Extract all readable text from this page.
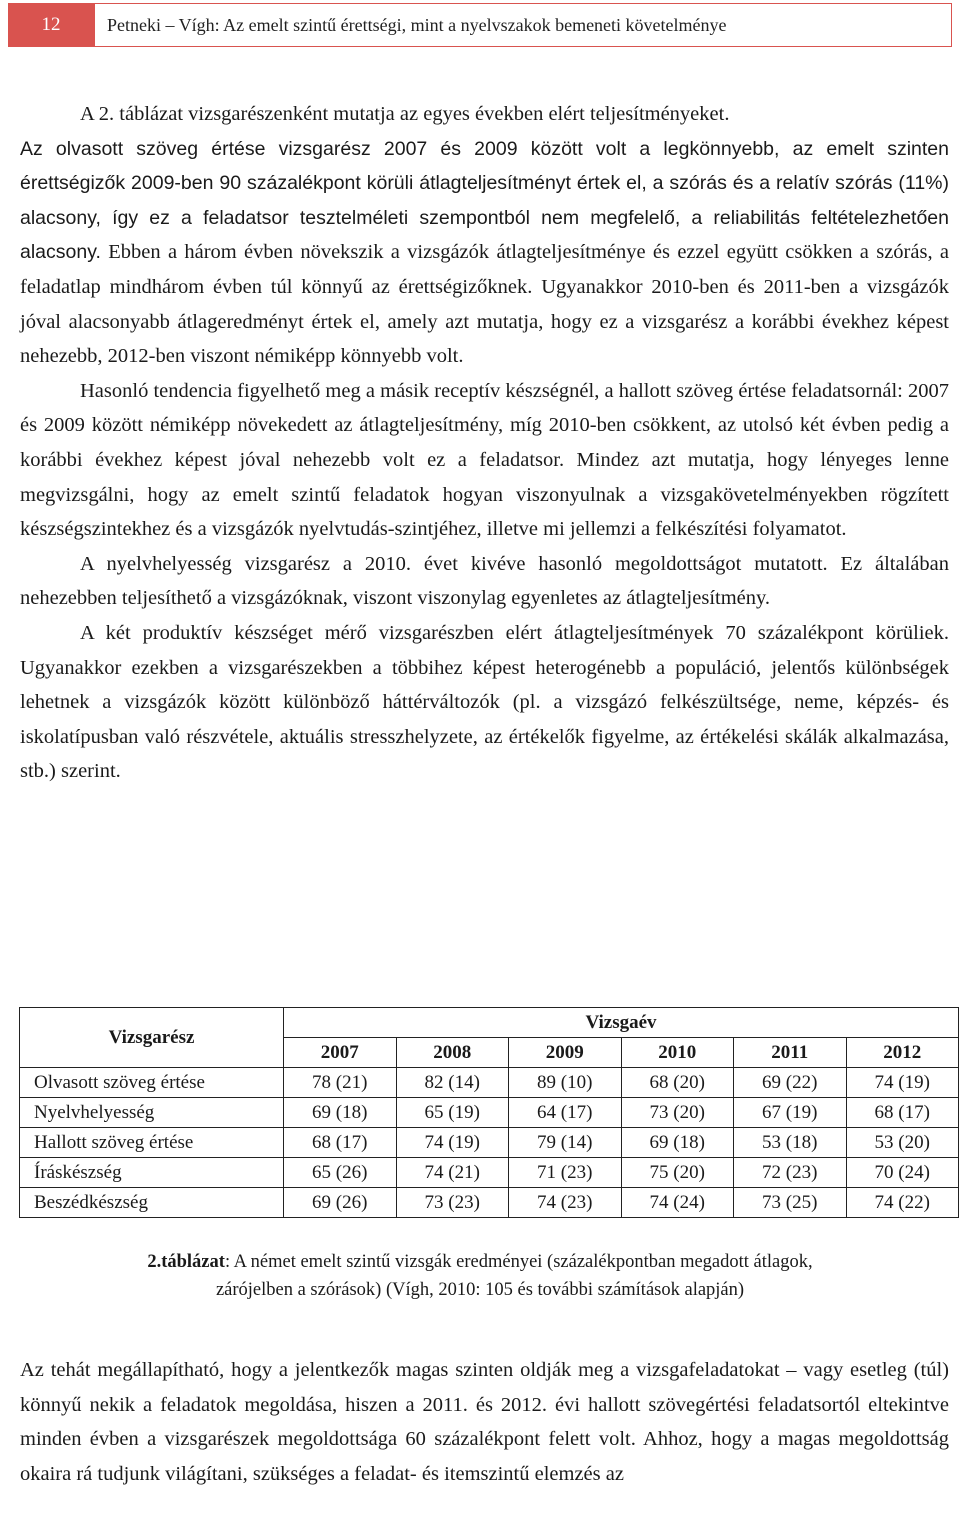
12	Petneki – Vígh: Az emelt szintű érettségi, mint a nyelvszakok bemeneti követelménye

A 2. táblázat vizsgarészenként mutatja az egyes években elért teljesítményeket.

Az olvasott szöveg értése vizsgarész 2007 és 2009 között volt a legkönnyebb, az emelt szinten érettségizők 2009-ben 90 százalékpont körüli átlagteljesítményt értek el, a szórás és a relatív szórás (11%) alacsony, így ez a feladatsor tesztelméleti szempontból nem megfelelő, a reliabilitás feltételezhetően alacsony. Ebben a három évben növekszik a vizsgázók átlagteljesítménye és ezzel együtt csökken a szórás, a feladatlap mindhárom évben túl könnyű az érettségizőknek. Ugyanakkor 2010-ben és 2011-ben a vizsgázók jóval alacsonyabb átlageredményt értek el, amely azt mutatja, hogy ez a vizsgarész a korábbi évekhez képest nehezebb, 2012-ben viszont némiképp könnyebb volt.

Hasonló tendencia figyelhető meg a másik receptív készségnél, a hallott szöveg értése feladatsornál: 2007 és 2009 között némiképp növekedett az átlagteljesítmény, míg 2010-ben csökkent, az utolsó két évben pedig a korábbi évekhez képest jóval nehezebb volt ez a feladatsor. Mindez azt mutatja, hogy lényeges lenne megvizsgálni, hogy az emelt szintű feladatok hogyan viszonyulnak a vizsgakövetelményekben rögzített készségszintekhez és a vizsgázók nyelvtudás-szintjéhez, illetve mi jellemzi a felkészítési folyamatot.

A nyelvhelyesség vizsgarész a 2010. évet kivéve hasonló megoldottságot mutatott. Ez általában nehezebben teljesíthető a vizsgázóknak, viszont viszonylag egyenletes az átlagteljesítmény.

A két produktív készséget mérő vizsgarészben elért átlagteljesítmények 70 százalékpont körüliek. Ugyanakkor ezekben a vizsgarészekben a többihez képest heterogénebb a populáció, jelentős különbségek lehetnek a vizsgázók között különböző háttérváltozók (pl. a vizsgázó felkészültsége, neme, képzés- és iskolatípusban való részvétele, aktuális stresszhelyzete, az értékelők figyelme, az értékelési skálák alkalmazása, stb.) szerint.

Vizsgarész	Vizsgaév					
	2007	2008	2009	2010	2011	2012
Olvasott szöveg értése	78 (21)	82 (14)	89 (10)	68 (20)	69 (22)	74 (19)
Nyelvhelyesség	69 (18)	65 (19)	64 (17)	73 (20)	67 (19)	68 (17)
Hallott szöveg értése	68 (17)	74 (19)	79 (14)	69 (18)	53 (18)	53 (20)
Íráskészség	65 (26)	74 (21)	71 (23)	75 (20)	72 (23)	70 (24)
Beszédkészség	69 (26)	73 (23)	74 (23)	74 (24)	73 (25)	74 (22)
2.táblázat: A német emelt szintű vizsgák eredményei (százalékpontban megadott átlagok,
zárójelben a szórások) (Vígh, 2010: 105 és további számítások alapján)

Az tehát megállapítható, hogy a jelentkezők magas szinten oldják meg a vizsgafeladatokat – vagy esetleg (túl) könnyű nekik a feladatok megoldása, hiszen a 2011. és 2012. évi hallott szövegértési feladatsortól eltekintve minden évben a vizsgarészek megoldottsága 60 százalékpont felett volt. Ahhoz, hogy a magas megoldottság okaira rá tudjunk világítani, szükséges a feladat- és itemszintű elemzés az
